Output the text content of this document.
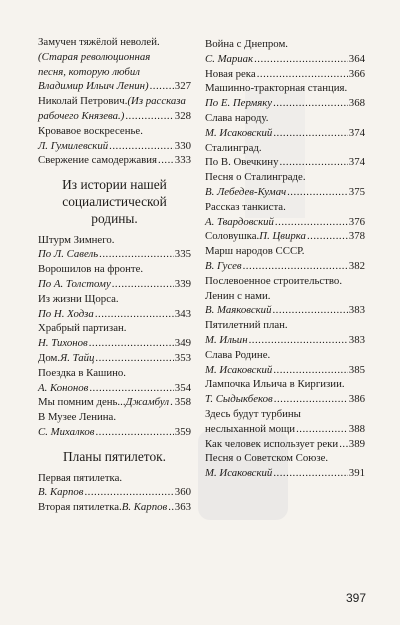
Замучен тяжёлой неволей.
(Старая революционная
песня, которую любил
Владимир Ильич Ленин) ..... 327
Николай Петрович. (Из рассказа
рабочего Князева.) .....	328
Кровавое воскресенье.
Л. Гумилевский .....	330
Свержение самодержавия ..... 333
Из истории нашей
социалистической родины.
Штурм Зимнего.
По Л. Савель .....	335
Ворошилов на фронте.
По А. Толстому .....	339
Из жизни Щорса.
По Н. Ходза .....	343
Храбрый партизан.
Н. Тихонов .....	349
Дом. Я. Тайц .....	353
Поездка в Кашино.
А. Кононов .....	354
Мы помним день... Джамбул ..... 358
В Музее Ленина.
С. Михалков .....	359
Планы пятилеток.
Первая пятилетка.
В. Карпов .....	360
Вторая пятилетка. В. Карпов ..... 363
Война с Днепром.
С. Мариак .....	364
Новая река .....	366
Машинно-тракторная станция.
По Е. Пермяку .....	368
Слава народу.
М. Исаковский .....	374
Сталинград.
По В. Овечкину .....	374
Песня о Сталинграде.
В. Лебедев-Кумач .....	375
Рассказ танкиста.
А. Твардовский .....	376
Соловушка. П. Цвирка .....	378
Марш народов СССР.
В. Гусев .....	382
Послевоенное строительство.
Ленин с нами.
В. Маяковский .....	383
Пятилетний план.
М. Ильин .....	383
Слава Родине.
М. Исаковский .....	385
Лампочка Ильича в Киргизии.
Т. Сыдыкбеков .....	386
Здесь будут турбины
неслыханной мощи .....	388
Как человек использует реки ..... 389
Песня о Советском Союзе.
М. Исаковский .....	391
397
